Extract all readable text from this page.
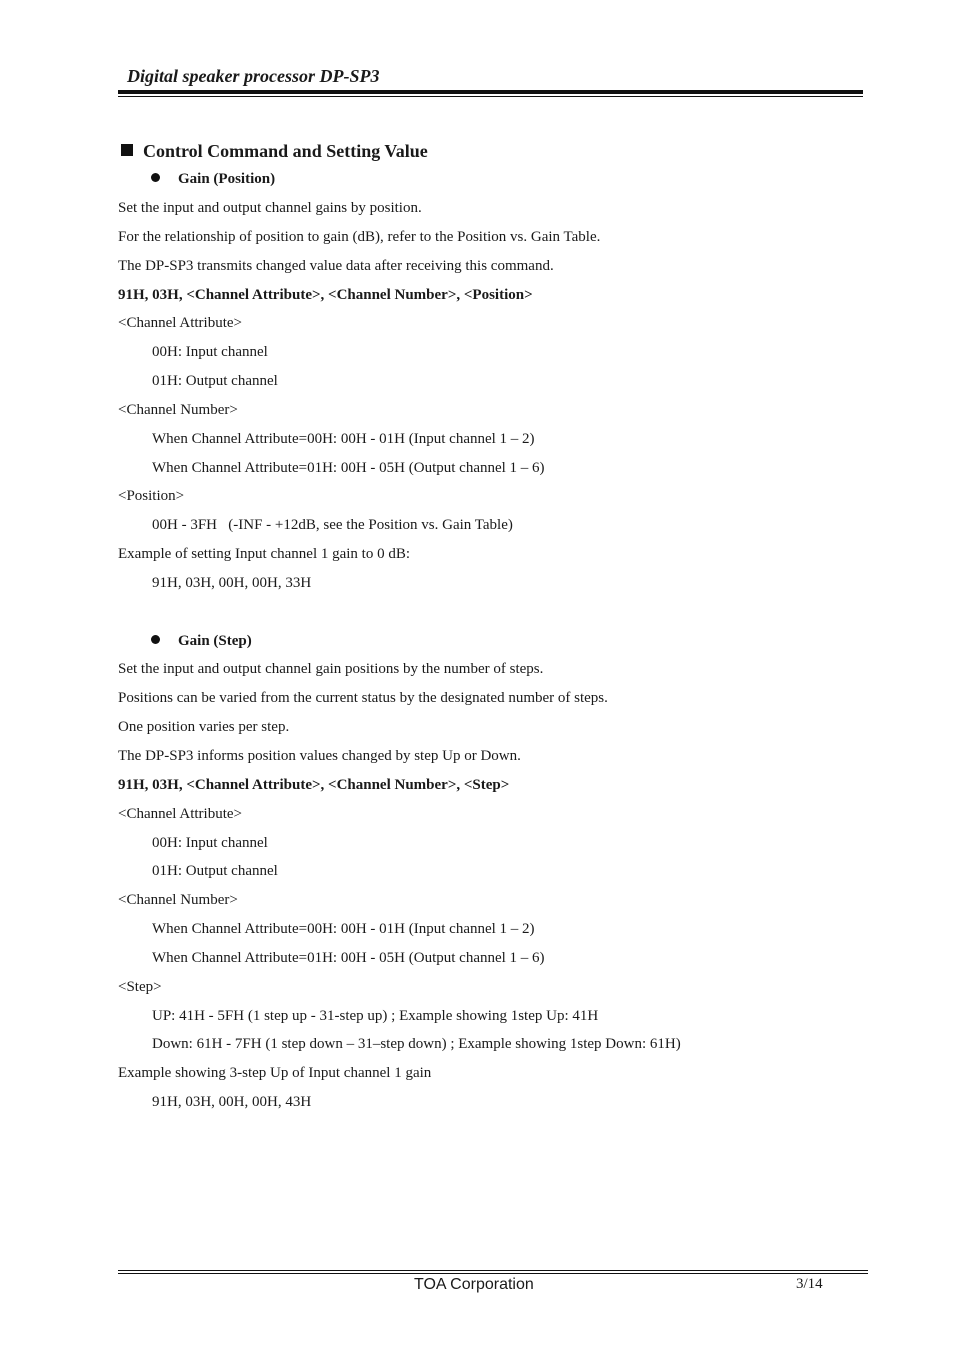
Digital speaker processor DP-SP3
Control Command and Setting Value
Gain (Position)
Set the input and output channel gains by position.
For the relationship of position to gain (dB), refer to the Position vs. Gain Table.
The DP-SP3 transmits changed value data after receiving this command.
91H, 03H, <Channel Attribute>, <Channel Number>, <Position>
<Channel Attribute>
00H: Input channel
01H: Output channel
<Channel Number>
When Channel Attribute=00H: 00H - 01H (Input channel 1 – 2)
When Channel Attribute=01H: 00H - 05H (Output channel 1 – 6)
<Position>
00H - 3FH   (-INF - +12dB, see the Position vs. Gain Table)
Example of setting Input channel 1 gain to 0 dB:
91H, 03H, 00H, 00H, 33H
Gain (Step)
Set the input and output channel gain positions by the number of steps.
Positions can be varied from the current status by the designated number of steps.
One position varies per step.
The DP-SP3 informs position values changed by step Up or Down.
91H, 03H, <Channel Attribute>, <Channel Number>, <Step>
<Channel Attribute>
00H: Input channel
01H: Output channel
<Channel Number>
When Channel Attribute=00H: 00H - 01H (Input channel 1 – 2)
When Channel Attribute=01H: 00H - 05H (Output channel 1 – 6)
<Step>
UP: 41H - 5FH (1 step up - 31-step up) ; Example showing 1step Up: 41H
Down: 61H - 7FH (1 step down – 31–step down) ; Example showing 1step Down: 61H)
Example showing 3-step Up of Input channel 1 gain
91H, 03H, 00H, 00H, 43H
TOA Corporation	3/14
